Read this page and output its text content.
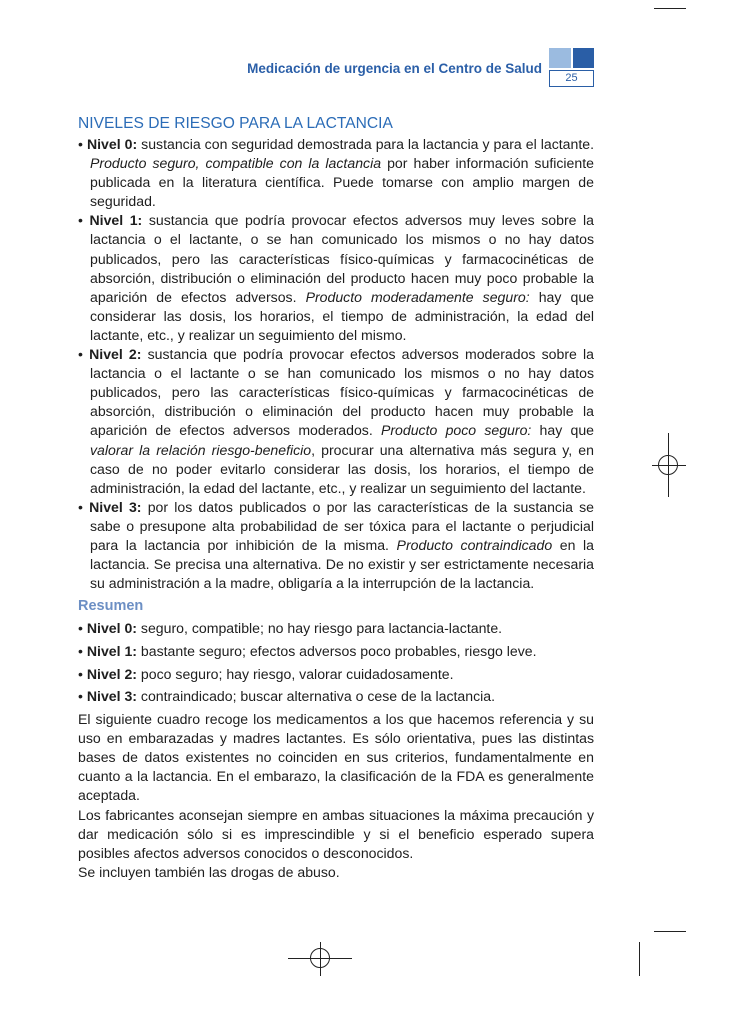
Medicación de urgencia en el Centro de Salud
25
NIVELES DE RIESGO PARA LA LACTANCIA

• Nivel 0: sustancia con seguridad demostrada para la lactancia y para el lactante. Producto seguro, compatible con la lactancia por haber información suficiente publicada en la literatura científica. Puede tomarse con amplio margen de seguridad.

• Nivel 1: sustancia que podría provocar efectos adversos muy leves sobre la lactancia o el lactante, o se han comunicado los mismos o no hay datos publicados, pero las características físico-químicas y farmacocinéticas de absorción, distribución o eliminación del producto hacen muy poco probable la aparición de efectos adversos. Producto moderadamente seguro: hay que considerar las dosis, los horarios, el tiempo de administración, la edad del lactante, etc., y realizar un seguimiento del mismo.

• Nivel 2: sustancia que podría provocar efectos adversos moderados sobre la lactancia o el lactante o se han comunicado los mismos o no hay datos publicados, pero las características físico-químicas y farmacocinéticas de absorción, distribución o eliminación del producto hacen muy probable la aparición de efectos adversos moderados. Producto poco seguro: hay que valorar la relación riesgo-beneficio, procurar una alternativa más segura y, en caso de no poder evitarlo considerar las dosis, los horarios, el tiempo de administración, la edad del lactante, etc., y realizar un seguimiento del lactante.

• Nivel 3: por los datos publicados o por las características de la sustancia se sabe o presupone alta probabilidad de ser tóxica para el lactante o perjudicial para la lactancia por inhibición de la misma. Producto contraindicado en la lactancia. Se precisa una alternativa. De no existir y ser estrictamente necesaria su administración a la madre, obligaría a la interrupción de la lactancia.

Resumen
• Nivel 0: seguro, compatible; no hay riesgo para lactancia-lactante.
• Nivel 1: bastante seguro; efectos adversos poco probables, riesgo leve.
• Nivel 2: poco seguro; hay riesgo, valorar cuidadosamente.
• Nivel 3: contraindicado; buscar alternativa o cese de la lactancia.

El siguiente cuadro recoge los medicamentos a los que hacemos referencia y su uso en embarazadas y madres lactantes. Es sólo orientativa, pues las distintas bases de datos existentes no coinciden en sus criterios, fundamentalmente en cuanto a la lactancia. En el embarazo, la clasificación de la FDA es generalmente aceptada.

Los fabricantes aconsejan siempre en ambas situaciones la máxima precaución y dar medicación sólo si es imprescindible y si el beneficio esperado supera posibles afectos adversos conocidos o desconocidos.

Se incluyen también las drogas de abuso.
